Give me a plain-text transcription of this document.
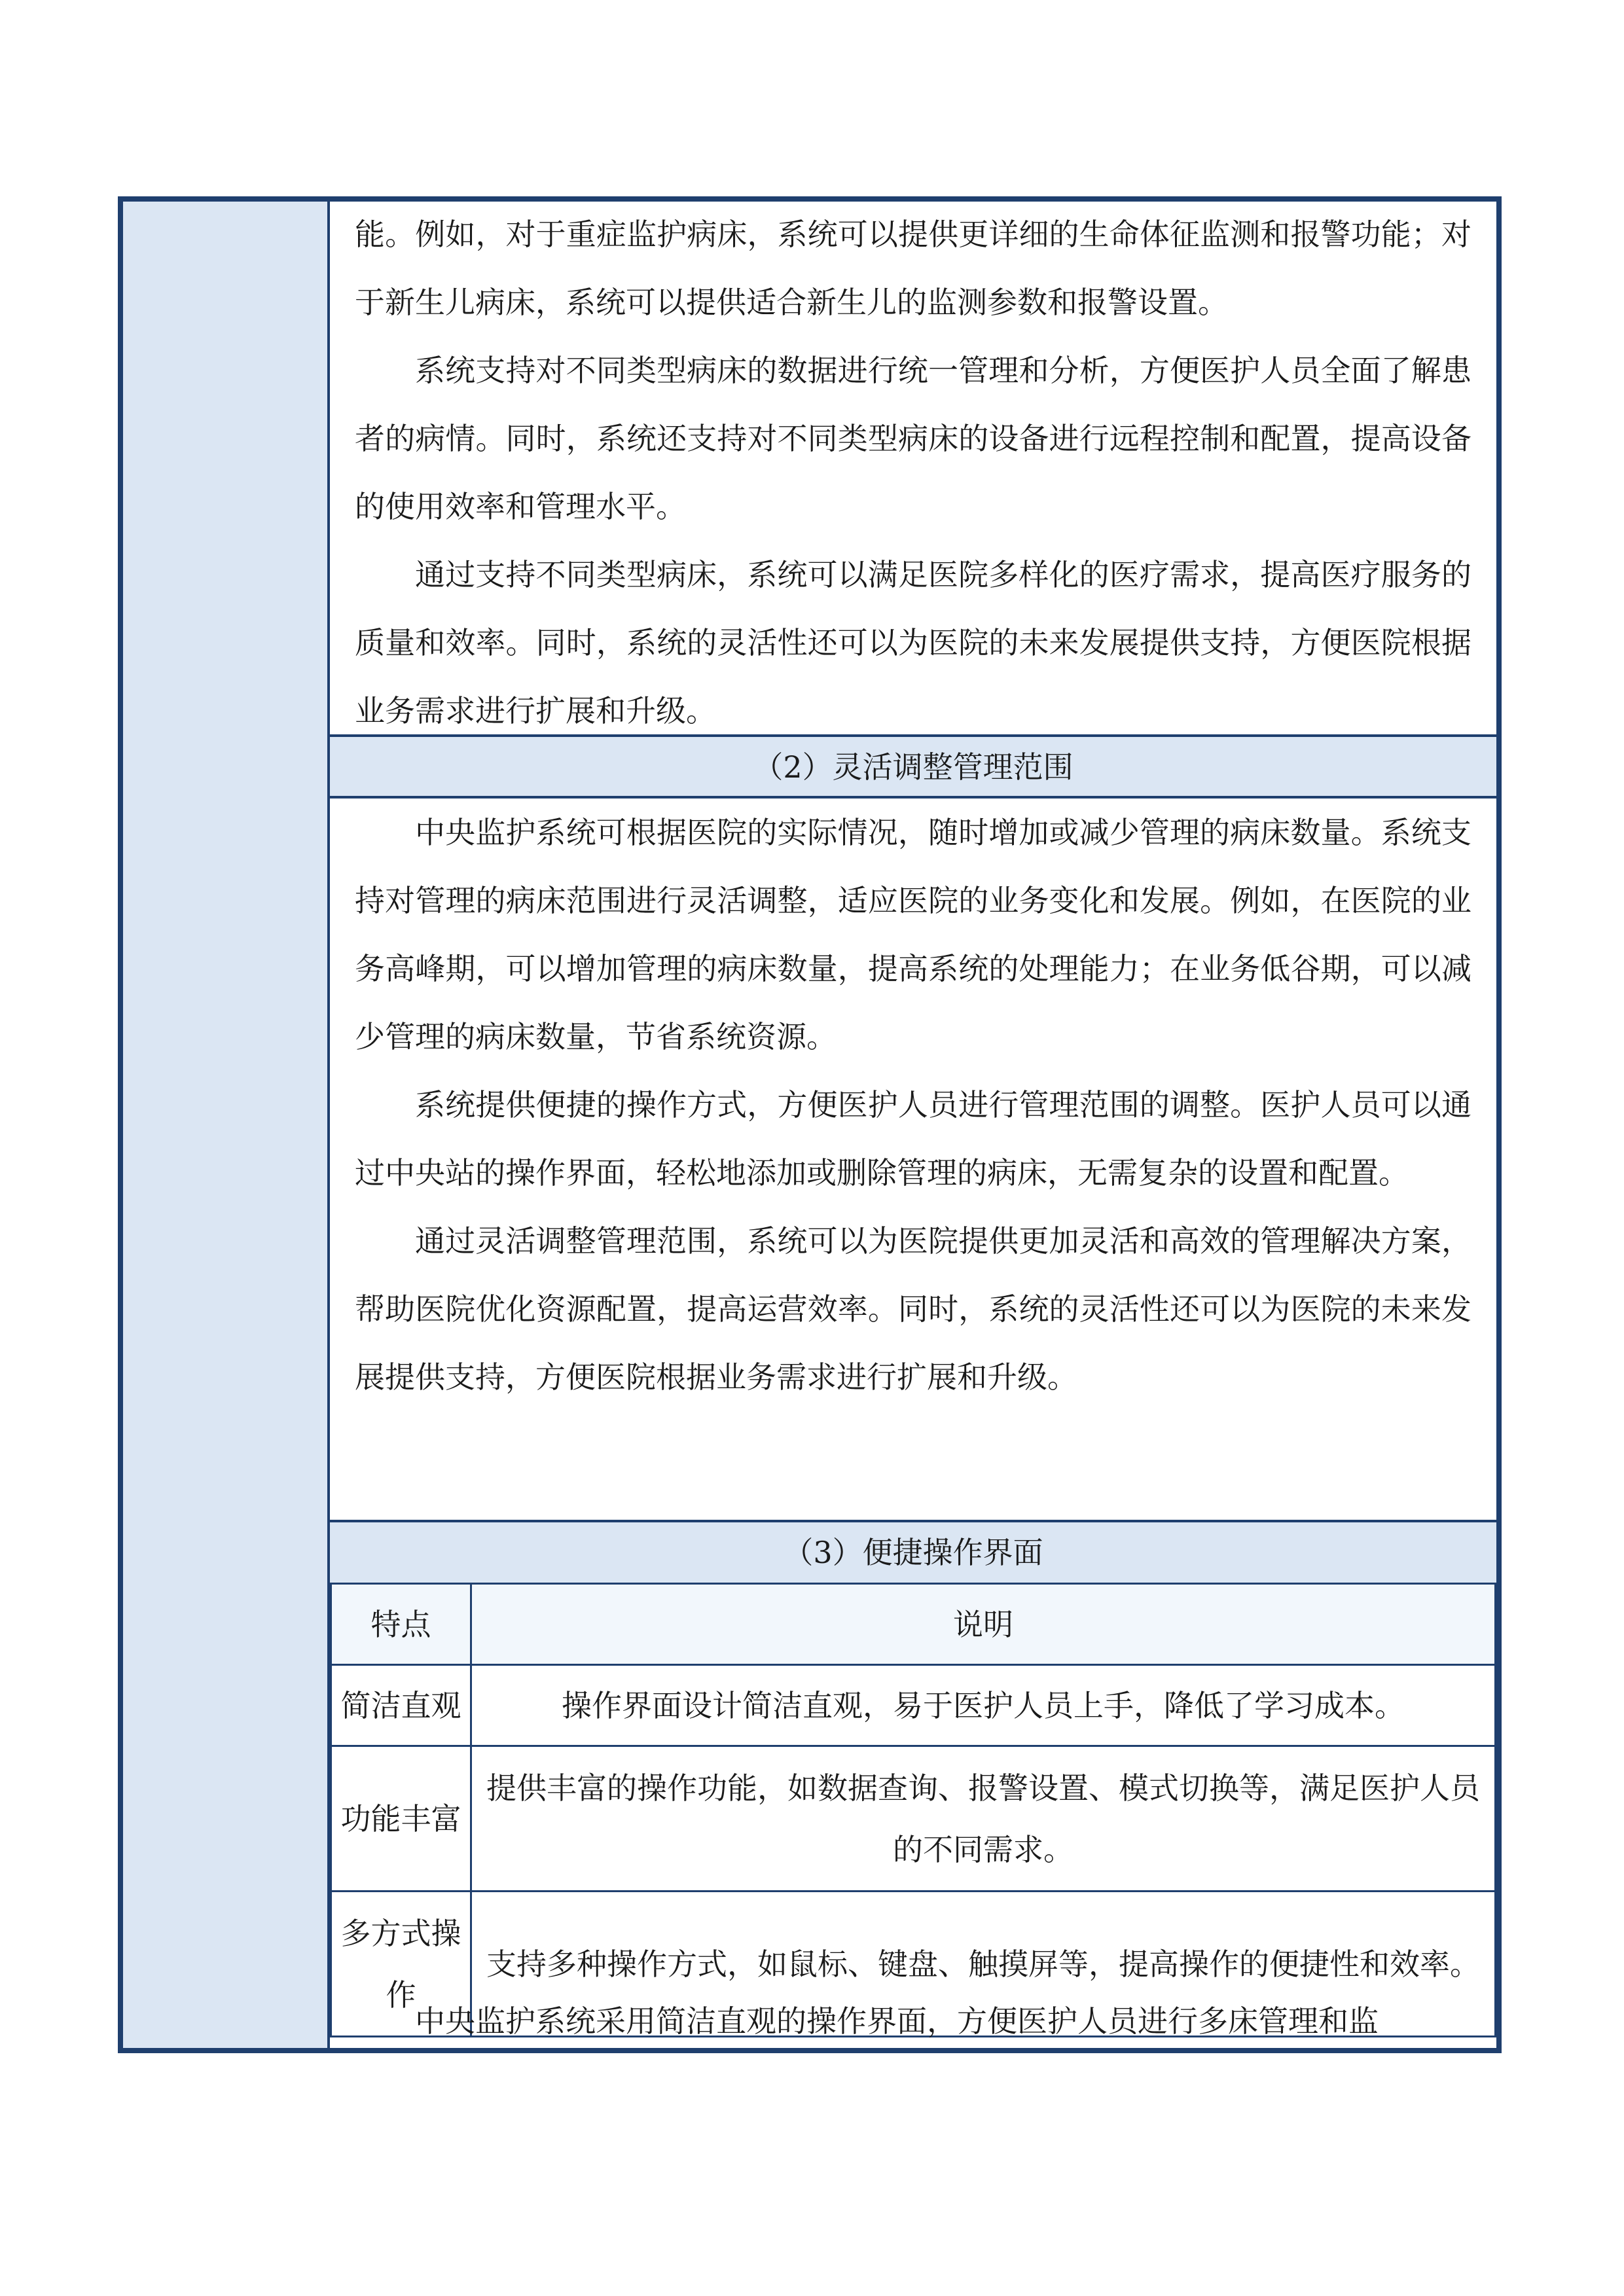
能。例如，对于重症监护病床，系统可以提供更详细的生命体征监测和报警功能；对于新生儿病床，系统可以提供适合新生儿的监测参数和报警设置。

系统支持对不同类型病床的数据进行统一管理和分析，方便医护人员全面了解患者的病情。同时，系统还支持对不同类型病床的设备进行远程控制和配置，提高设备的使用效率和管理水平。

通过支持不同类型病床，系统可以满足医院多样化的医疗需求，提高医疗服务的质量和效率。同时，系统的灵活性还可以为医院的未来发展提供支持，方便医院根据业务需求进行扩展和升级。

（2）灵活调整管理范围

中央监护系统可根据医院的实际情况，随时增加或减少管理的病床数量。系统支持对管理的病床范围进行灵活调整，适应医院的业务变化和发展。例如，在医院的业务高峰期，可以增加管理的病床数量，提高系统的处理能力；在业务低谷期，可以减少管理的病床数量，节省系统资源。

系统提供便捷的操作方式，方便医护人员进行管理范围的调整。医护人员可以通过中央站的操作界面，轻松地添加或删除管理的病床，无需复杂的设置和配置。

通过灵活调整管理范围，系统可以为医院提供更加灵活和高效的管理解决方案，帮助医院优化资源配置，提高运营效率。同时，系统的灵活性还可以为医院的未来发展提供支持，方便医院根据业务需求进行扩展和升级。

（3）便捷操作界面
特点	说明
简洁直观	操作界面设计简洁直观，易于医护人员上手，降低了学习成本。
功能丰富	提供丰富的操作功能，如数据查询、报警设置、模式切换等，满足医护人员的不同需求。
多方式操作	支持多种操作方式，如鼠标、键盘、触摸屏等，提高操作的便捷性和效率。
中央监护系统采用简洁直观的操作界面，方便医护人员进行多床管理和监
